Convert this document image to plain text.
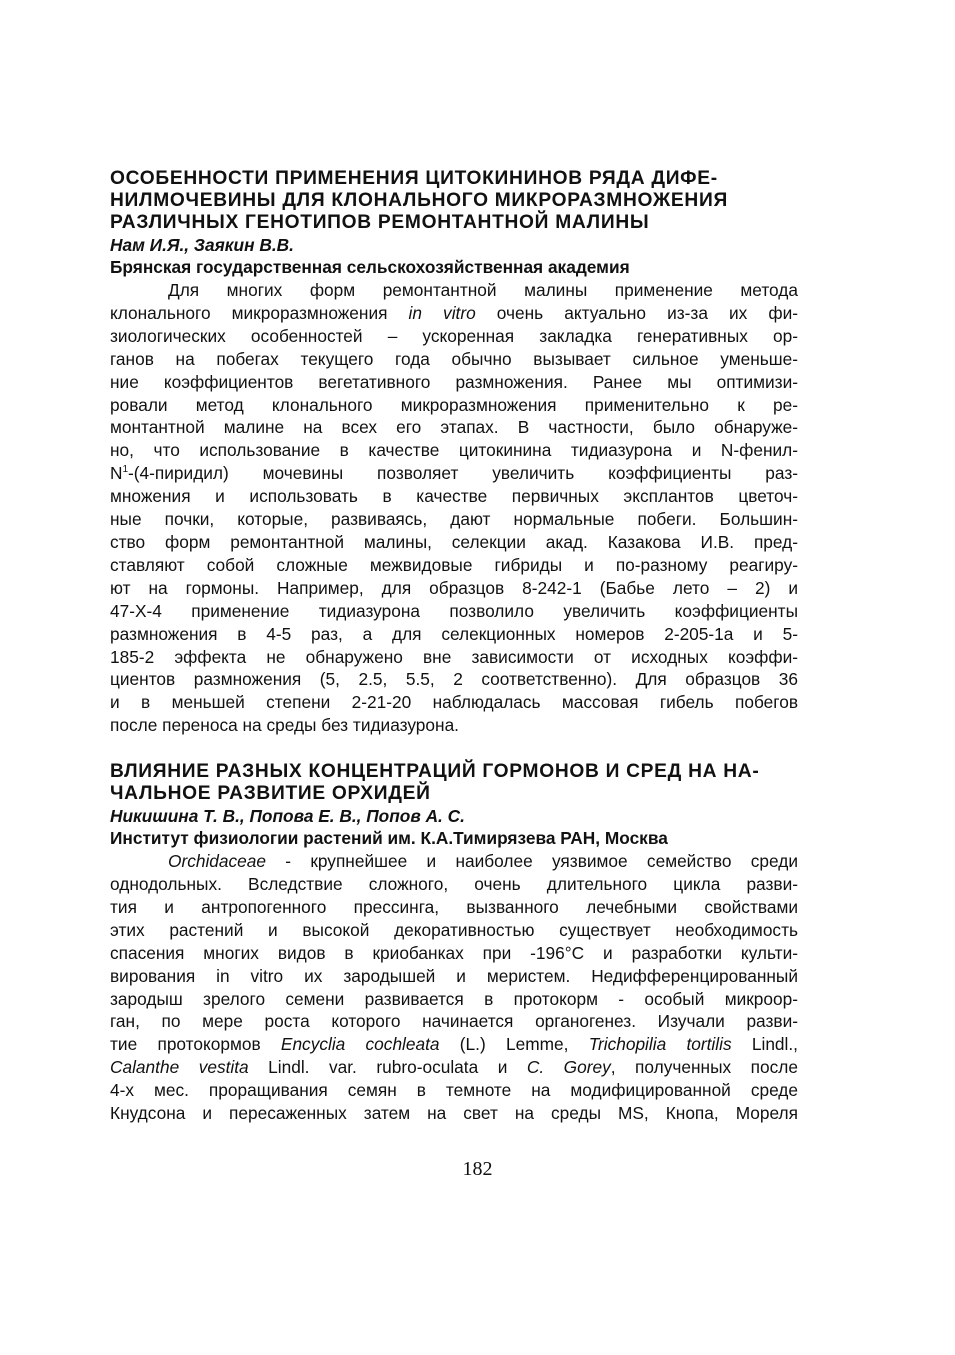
ОСОБЕННОСТИ ПРИМЕНЕНИЯ ЦИТОКИНИНОВ РЯДА ДИФЕ-
НИЛМОЧЕВИНЫ ДЛЯ КЛОНАЛЬНОГО МИКРОРАЗМНОЖЕНИЯ
РАЗЛИЧНЫХ ГЕНОТИПОВ РЕМОНТАНТНОЙ МАЛИНЫ
Нам И.Я., Заякин В.В.
Брянская государственная сельскохозяйственная академия
Для многих форм ремонтантной малины применение метода
клонального микроразмножения in vitro очень актуально из-за их фи-
зиологических особенностей – ускоренная закладка генеративных ор-
ганов на побегах текущего года обычно вызывает сильное уменьше-
ние коэффициентов вегетативного размножения. Ранее мы оптимизи-
ровали метод клонального микроразмножения применительно к ре-
монтантной малине на всех его этапах. В частности, было обнаруже-
но, что использование в качестве цитокинина тидиазурона и N-фенил-
$N^1-(4-пиридил)$ мочевины позволяет увеличить коэффициенты раз-
множения и использовать в качестве первичных эксплантов цветоч-
ные почки, которые, развиваясь, дают нормальные побеги. Большин-
ство форм ремонтантной малины, селекции акад. Казакова И.В. пред-
ставляют собой сложные межвидовые гибриды и по-разному реагиру-
ют на гормоны. Например, для образцов 8-242-1 (Бабье лето – 2) и
47-Х-4 применение тидиазурона позволило увеличить коэффициенты
размножения в 4-5 раз, а для селекционных номеров 2-205-1а и 5-
185-2 эффекта не обнаружено вне зависимости от исходных коэффи-
циентов размножения (5, 2.5, 5.5, 2 соответственно). Для образцов 36
и в меньшей степени 2-21-20 наблюдалась массовая гибель побегов
после переноса на среды без тидиазурона.
ВЛИЯНИЕ РАЗНЫХ КОНЦЕНТРАЦИЙ ГОРМОНОВ И СРЕД НА НА-
ЧАЛЬНОЕ РАЗВИТИЕ ОРХИДЕЙ
Никишина Т. В., Попова Е. В., Попов А. С.
Институт физиологии растений им. К.А.Тимирязева РАН, Москва
Orchidaceae - крупнейшее и наиболее уязвимое семейство среди
однодольных. Вследствие сложного, очень длительного цикла разви-
тия и антропогенного прессинга, вызванного лечебными свойствами
этих растений и высокой декоративностью существует необходимость
спасения многих видов в криобанках при -196°С и разработки культи-
вирования in vitro их зародышей и меристем. Недифференцированный
зародыш зрелого семени развивается в протокорм - особый микроор-
ган, по мере роста которого начинается органогенез. Изучали разви-
тие протокормов Encyclia cochleata (L.) Lemme, Trichopilia tortilis Lindl.,
Calanthe vestita Lindl. var. rubro-oculata и C. Gorey, полученных после
4-х мес. проращивания семян в темноте на модифицированной среде
Кнудсона и пересаженных затем на свет на среды MS, Кнопа, Мореля
182
